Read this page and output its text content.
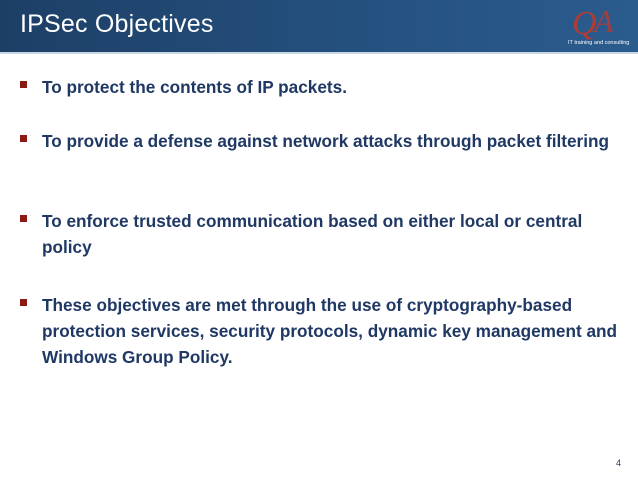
IPSec Objectives	Q
A
IT training and consulting
To protect the contents of IP packets.
To provide a defense against network attacks through packet filtering
To enforce trusted communication based on either local or central policy
These objectives are met through the use of cryptography-based protection services, security protocols, dynamic key management and Windows Group Policy.
4
